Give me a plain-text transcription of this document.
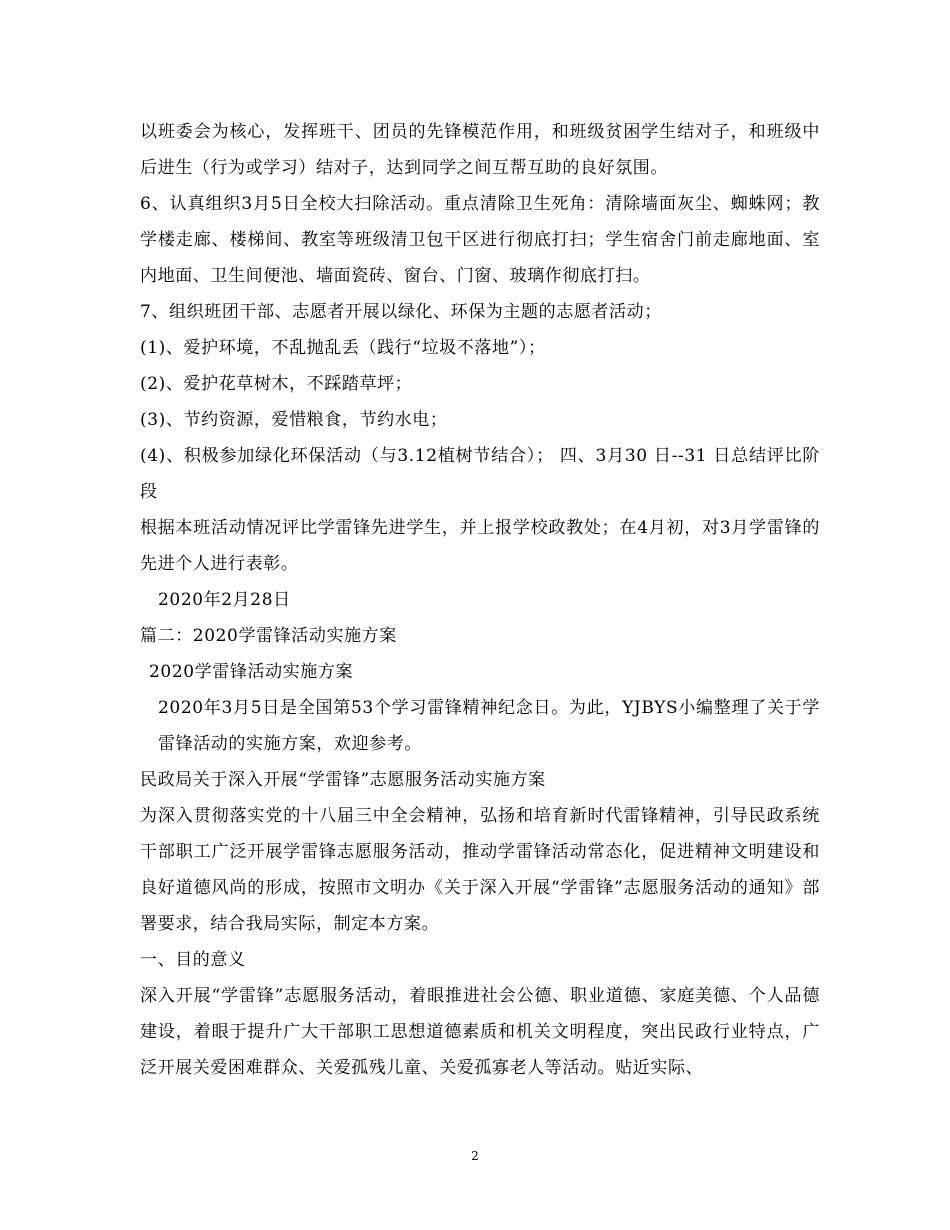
以班委会为核心，发挥班干、团员的先锋模范作用，和班级贫困学生结对子，和班级中后进生（行为或学习）结对子，达到同学之间互帮互助的良好氛围。

6、认真组织3月5日全校大扫除活动。重点清除卫生死角：清除墙面灰尘、蜘蛛网；教学楼走廊、楼梯间、教室等班级清卫包干区进行彻底打扫；学生宿舍门前走廊地面、室内地面、卫生间便池、墙面瓷砖、窗台、门窗、玻璃作彻底打扫。

7、组织班团干部、志愿者开展以绿化、环保为主题的志愿者活动；

(1)、爱护环境，不乱抛乱丢（践行“垃圾不落地”）；

(2)、爱护花草树木，不踩踏草坪；

(3)、节约资源，爱惜粮食，节约水电；

(4)、积极参加绿化环保活动（与3.12植树节结合）； 四、3月30 日--31 日总结评比阶段

根据本班活动情况评比学雷锋先进学生，并上报学校政教处；在4月初，对3月学雷锋的先进个人进行表彰。

2020年2月28日

篇二：2020学雷锋活动实施方案

2020学雷锋活动实施方案

2020年3月5日是全国第53个学习雷锋精神纪念日。为此，YJBYS小编整理了关于学雷锋活动的实施方案，欢迎参考。

民政局关于深入开展“学雷锋”志愿服务活动实施方案

为深入贯彻落实党的十八届三中全会精神，弘扬和培育新时代雷锋精神，引导民政系统干部职工广泛开展学雷锋志愿服务活动，推动学雷锋活动常态化，促进精神文明建设和良好道德风尚的形成，按照市文明办《关于深入开展“学雷锋”志愿服务活动的通知》部署要求，结合我局实际，制定本方案。

一、目的意义

深入开展“学雷锋”志愿服务活动，着眼推进社会公德、职业道德、家庭美德、个人品德建设，着眼于提升广大干部职工思想道德素质和机关文明程度，突出民政行业特点，广泛开展关爱困难群众、关爱孤残儿童、关爱孤寡老人等活动。贴近实际、

2
